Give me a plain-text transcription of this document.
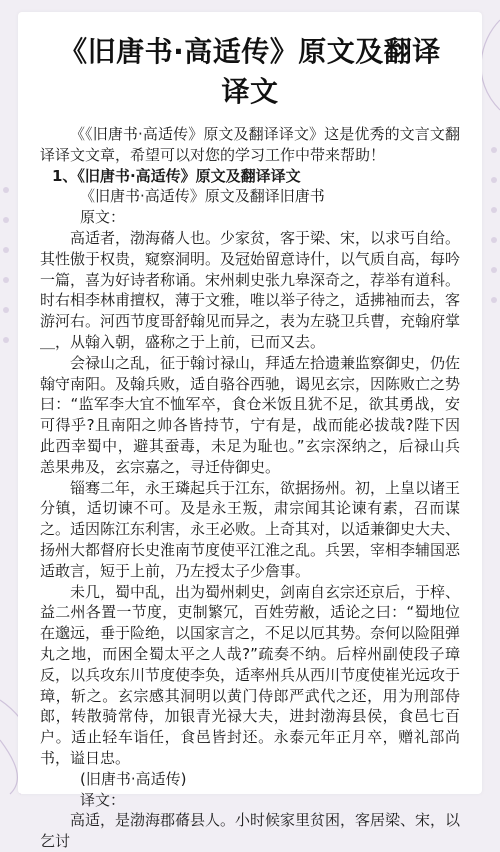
《旧唐书·高适传》原文及翻译
译文

《《旧唐书·高适传》原文及翻译译文》这是优秀的文言文翻译译文文章，希望可以对您的学习工作中带来帮助！

1、《旧唐书·高适传》原文及翻译译文

《旧唐书·高适传》原文及翻译旧唐书

原文：

高适者，渤海蓨人也。少家贫，客于梁、宋，以求丐自给。其性傲于权贵，窥察洞明。及冠始留意诗什，以气质自高，每吟一篇，喜为好诗者称诵。宋州刺史张九皋深奇之，荐举有道科。时右相李林甫擅权，薄于文雅，唯以举子待之，适拂袖而去，客游河右。河西节度哥舒翰见而异之，表为左骁卫兵曹，充翰府掌＿，从翰入朝，盛称之于上前，已而又去。

会禄山之乱，征于翰讨禄山，拜适左拾遗兼监察御史，仍佐翰守南阳。及翰兵败，适自骆谷西驰，谒见玄宗，因陈败亡之势曰：“监军李大宜不恤军卒，食仓米饭且犹不足，欲其勇战，安可得乎?且南阳之帅各皆持节，宁有是，战而能必拔哉?陛下因此西幸蜀中，避其蚕毒，未足为耻也。”玄宗深纳之，后禄山兵恙果弗及，玄宗嘉之，寻迁侍御史。

锱骞二年，永王璘起兵于江东，欲据扬州。初，上皇以诸王分镇，适切谏不可。及是永王叛，肃宗闻其论谏有素，召而谋之。适因陈江东利害，永王必败。上奇其对，以适兼御史大夫、扬州大都督府长史淮南节度使平江淮之乱。兵罢，宰相李辅国恶适敢言，短于上前，乃左授太子少詹事。

未几，蜀中乱，出为蜀州刺史，剑南自玄宗还京后，于梓、益二州各置一节度，吏制繁冗，百姓劳敝，适论之曰：“蜀地位在邈远，垂于险绝，以国家言之，不足以厄其势。奈何以险阻弹丸之地，而困全蜀太平之人哉?”疏奏不纳。后梓州副使段子璋反，以兵攻东川节度使李奂，适率州兵从西川节度使崔光远攻于璋，斩之。玄宗感其洞明以黄门侍郎严武代之还，用为刑部侍郎，转散骑常侍，加银青光禄大夫，进封渤海县侯，食邑七百户。适止轻车诣任，食邑皆封还。永泰元年正月卒，赠礼部尚书，谥日忠。

(旧唐书·高适传)

译文：

高适，是渤海郡蓨县人。小时候家里贫困，客居梁、宋，以乞讨
